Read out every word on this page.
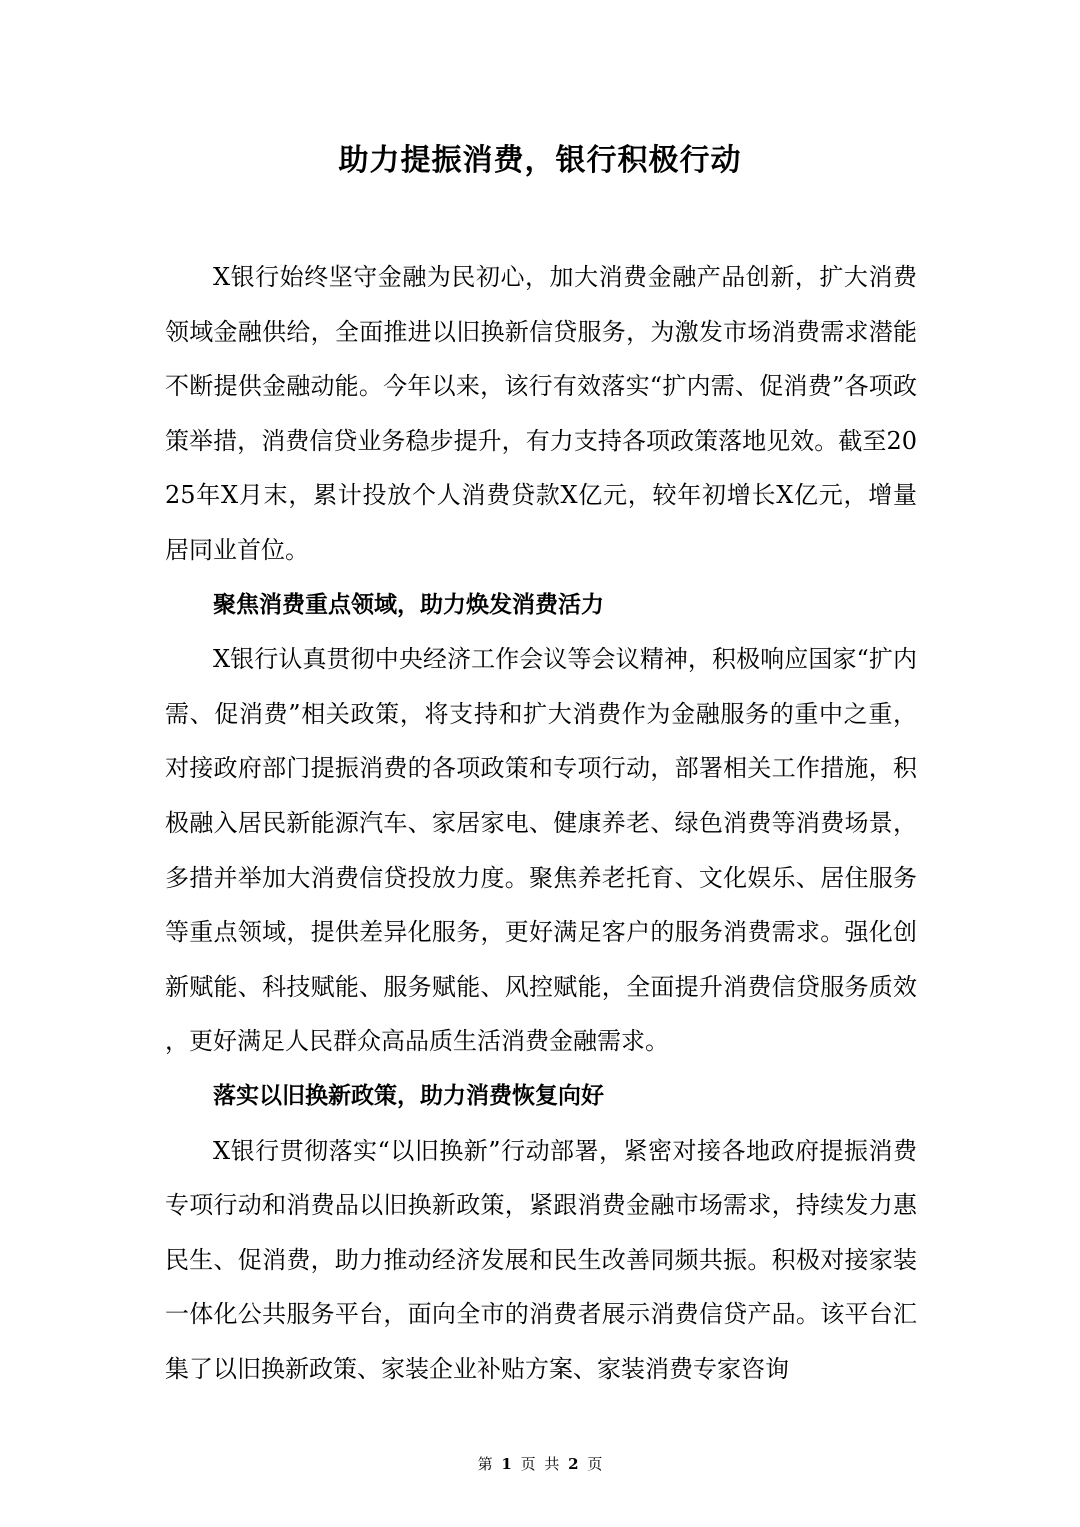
助力提振消费，银行积极行动

X银行始终坚守金融为民初心，加大消费金融产品创新，扩大消费领域金融供给，全面推进以旧换新信贷服务，为激发市场消费需求潜能不断提供金融动能。今年以来，该行有效落实“扩内需、促消费”各项政策举措，消费信贷业务稳步提升，有力支持各项政策落地见效。截至2025年X月末，累计投放个人消费贷款X亿元，较年初增长X亿元，增量居同业首位。

聚焦消费重点领域，助力焕发消费活力

X银行认真贯彻中央经济工作会议等会议精神，积极响应国家“扩内需、促消费”相关政策，将支持和扩大消费作为金融服务的重中之重，对接政府部门提振消费的各项政策和专项行动，部署相关工作措施，积极融入居民新能源汽车、家居家电、健康养老、绿色消费等消费场景，多措并举加大消费信贷投放力度。聚焦养老托育、文化娱乐、居住服务等重点领域，提供差异化服务，更好满足客户的服务消费需求。强化创新赋能、科技赋能、服务赋能、风控赋能，全面提升消费信贷服务质效，更好满足人民群众高品质生活消费金融需求。

落实以旧换新政策，助力消费恢复向好

X银行贯彻落实“以旧换新”行动部署，紧密对接各地政府提振消费专项行动和消费品以旧换新政策，紧跟消费金融市场需求，持续发力惠民生、促消费，助力推动经济发展和民生改善同频共振。积极对接家装一体化公共服务平台，面向全市的消费者展示消费信贷产品。该平台汇集了以旧换新政策、家装企业补贴方案、家装消费专家咨询

第 1 页 共 2 页
